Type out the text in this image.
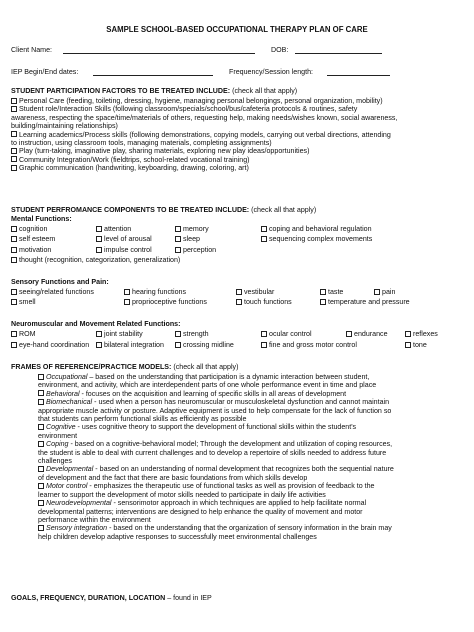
SAMPLE SCHOOL-BASED OCCUPATIONAL THERAPY PLAN OF CARE
Client Name:	DOB:
IEP Begin/End dates:	Frequency/Session length:
STUDENT PARTICIPATION FACTORS TO BE TREATED INCLUDE: (check all that apply)
Personal Care (feeding, toileting, dressing, hygiene, managing personal belongings, personal organization, mobility)
Student role/Interaction Skills (following classroom/specials/school/bus/cafeteria protocols & routines, safety
awareness, respecting the space/time/materials of others, requesting help, making needs/wishes known, social awareness,
building/maintaining relationships)
Learning academics/Process skills (following demonstrations, copying models, carrying out verbal directions, attending
to instruction, using classroom tools, managing materials, completing assignments)
Play (turn-taking, imaginative play, sharing materials, exploring new play ideas/opportunities)
Community Integration/Work (fieldtrips, school-related vocational training)
Graphic communication (handwriting, keyboarding, drawing, coloring, art)
STUDENT PERFROMANCE COMPONENTS TO BE TREATED INCLUDE: (check all that apply)
Mental Functions:
cognition	attention	memory	coping and behavioral regulation
self esteem	level of arousal	sleep	sequencing complex movements
motivation	impulse control	perception
thought (recognition, categorization, generalization)
Sensory Functions and Pain:
seeing/related functions	hearing functions	vestibular	taste	pain
smell	proprioceptive functions	touch functions	temperature and pressure
Neuromuscular and Movement Related Functions:
ROM	joint stability	strength	ocular control	endurance	reflexes
eye-hand coordination	bilateral integration	crossing midline	fine and gross motor control	tone
FRAMES OF REFERENCE/PRACTICE MODELS: (check all that apply)
Occupational – based on the understanding that participation is a dynamic interaction between student,
environment, and activity, which are interdependent parts of one whole performance event in time and place
Behavioral - focuses on the acquisition and learning of specific skills in all areas of development
Biomechanical - used when a person has neuromuscular or musculoskeletal dysfunction and cannot maintain
appropriate muscle activity or posture. Adaptive equipment is used to help compensate for the lack of function so
that students can perform functional skills as efficiently as possible
Cognitive - uses cognitive theory to support the development of functional skills within the student's
environment
Coping - based on a cognitive-behavioral model; Through the development and utilization of coping resources,
the student is able to deal with current challenges and to develop a repertoire of skills needed to address future
challenges
Developmental - based on an understanding of normal development that recognizes both the sequential nature
of development and the fact that there are basic foundations from which skills develop
Motor control - emphasizes the therapeutic use of functional tasks as well as provision of feedback to the
learner to support the development of motor skills needed to participate in daily life activities
Neurodevelopmental - sensorimotor approach in which techniques are applied to help facilitate normal
developmental patterns; interventions are designed to help enhance the quality of movement and motor
performance within the environment
Sensory integration - based on the understanding that the organization of sensory information in the brain may
help children develop adaptive responses to successfully meet environmental challenges
GOALS, FREQUENCY, DURATION, LOCATION – found in IEP
